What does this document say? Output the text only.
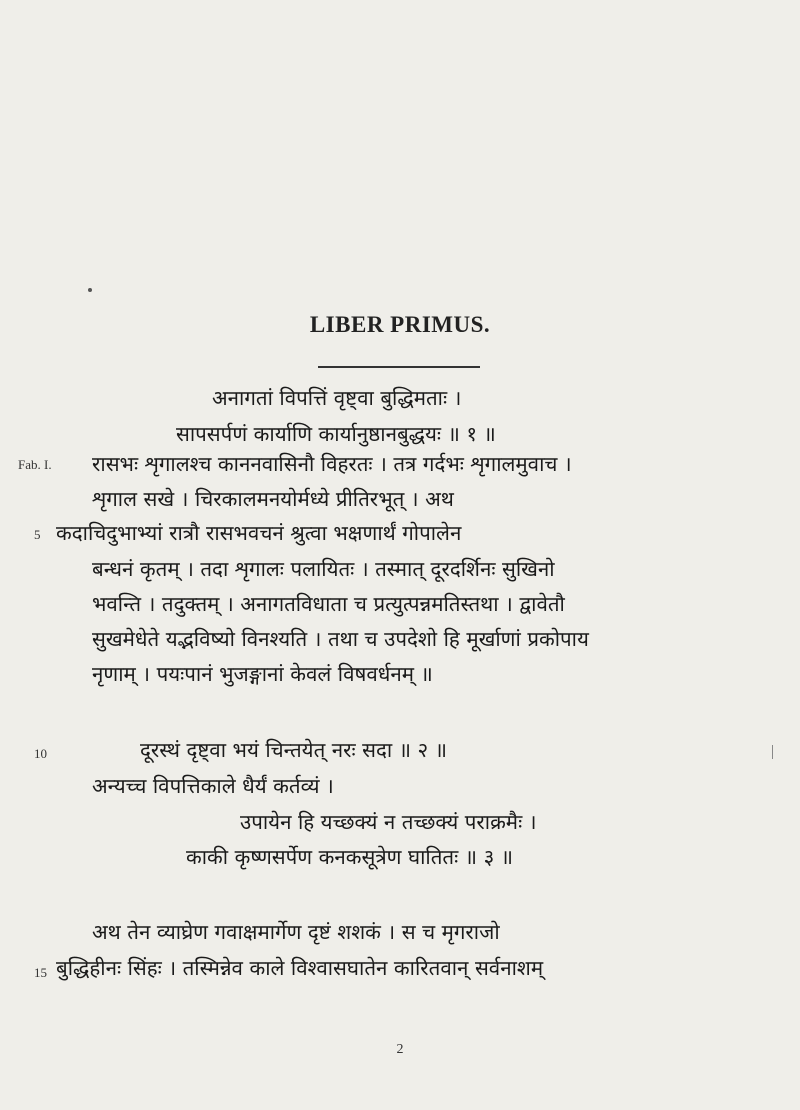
LIBER PRIMUS.
Fab. I.
5
10
15
अनागतां विपत्तिं वृष्ट्वा बुद्धिमताः ।
सापसर्पणं कार्याणि कार्यानुष्ठानबुद्धयः ॥ १ ॥
रासभः शृगालश्च काननवासिनौ विहरतः । तत्र गर्दभः शृगालमुवाच ।
शृगाल सखे । चिरकालमनयोर्मध्ये प्रीतिरभूत् । अथ
कदाचिदुभाभ्यां रात्रौ रासभवचनं श्रुत्वा भक्षणार्थं गोपालेन
बन्धनं कृतम् । तदा शृगालः पलायितः । तस्मात् दूरदर्शिनः सुखिनो
भवन्ति । तदुक्तम् । अनागतविधाता च प्रत्युत्पन्नमतिस्तथा । द्वावेतौ
सुखमेधेते यद्भविष्यो विनश्यति । तथा च उपदेशो हि मूर्खाणां प्रकोपाय
नृणाम् । पयःपानं भुजङ्गानां केवलं विषवर्धनम् ॥
दूरस्थं दृष्ट्वा भयं चिन्तयेत् नरः सदा ॥ २ ॥
अन्यच्च विपत्तिकाले धैर्यं कर्तव्यं ।
उपायेन हि यच्छक्यं न तच्छक्यं पराक्रमैः ।
काकी कृष्णसर्पेण कनकसूत्रेण घातितः ॥ ३ ॥
अथ तेन व्याघ्रेण गवाक्षमार्गेण दृष्टं शशकं । स च मृगराजो
बुद्धिहीनः सिंहः । तस्मिन्नेव काले विश्वासघातेन कारितवान् सर्वनाशम्
2
